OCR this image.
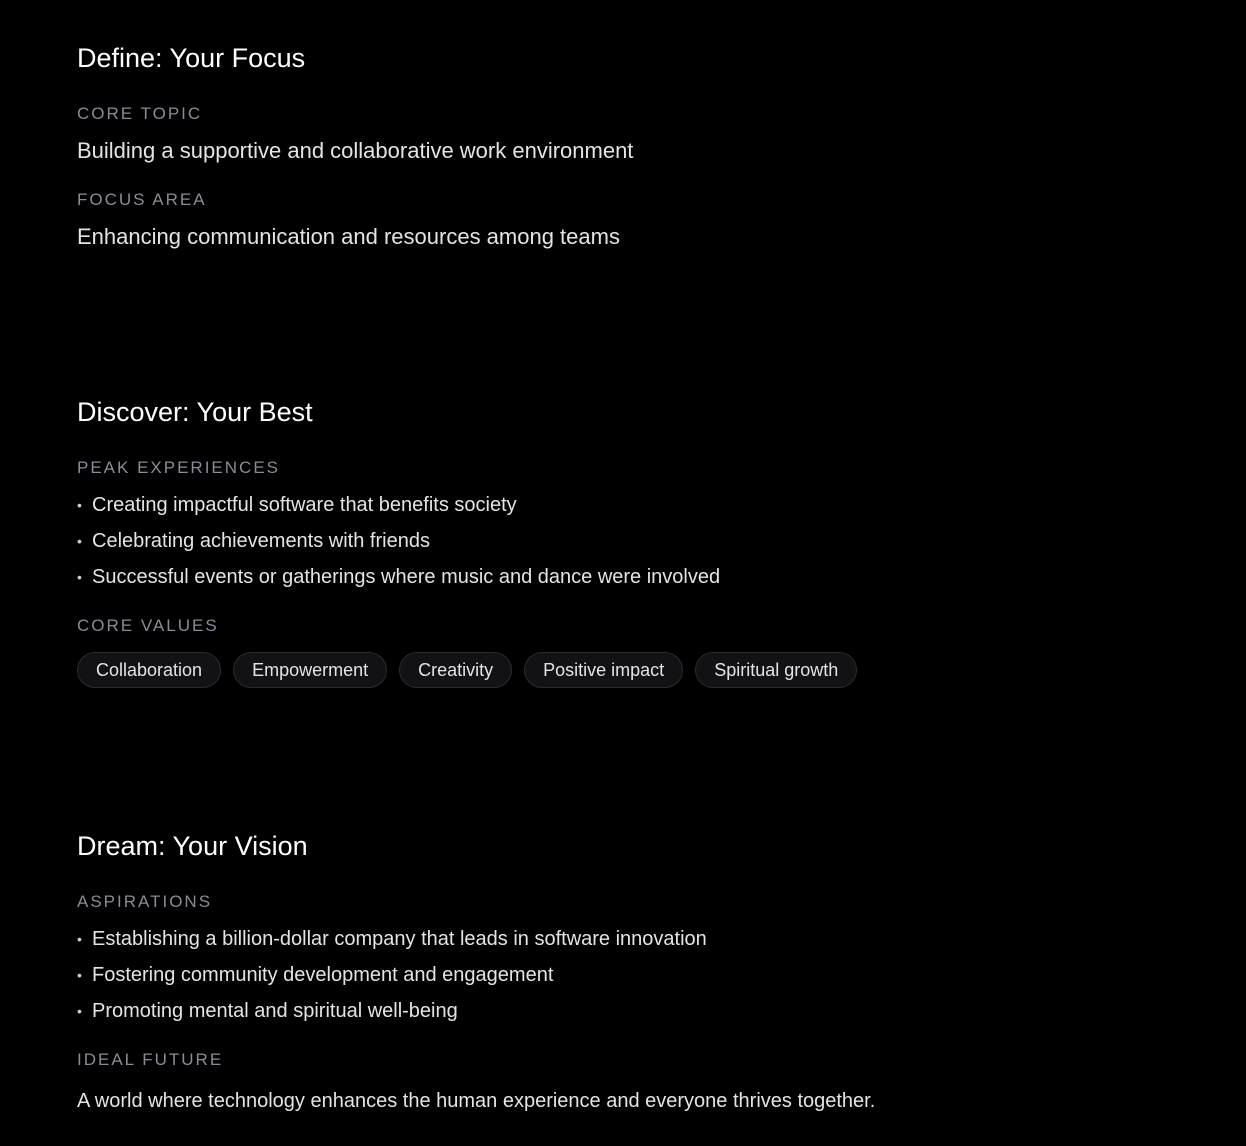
Define: Your Focus

CORE TOPIC

Building a supportive and collaborative work environment

FOCUS AREA

Enhancing communication and resources among teams

Discover: Your Best

PEAK EXPERIENCES

• Creating impactful software that benefits society
• Celebrating achievements with friends
• Successful events or gatherings where music and dance were involved

CORE VALUES

Collaboration	Empowerment	Creativity	Positive impact	Spiritual growth
Dream: Your Vision

ASPIRATIONS

• Establishing a billion-dollar company that leads in software innovation
• Fostering community development and engagement
• Promoting mental and spiritual well-being

IDEAL FUTURE

A world where technology enhances the human experience and everyone thrives together.
